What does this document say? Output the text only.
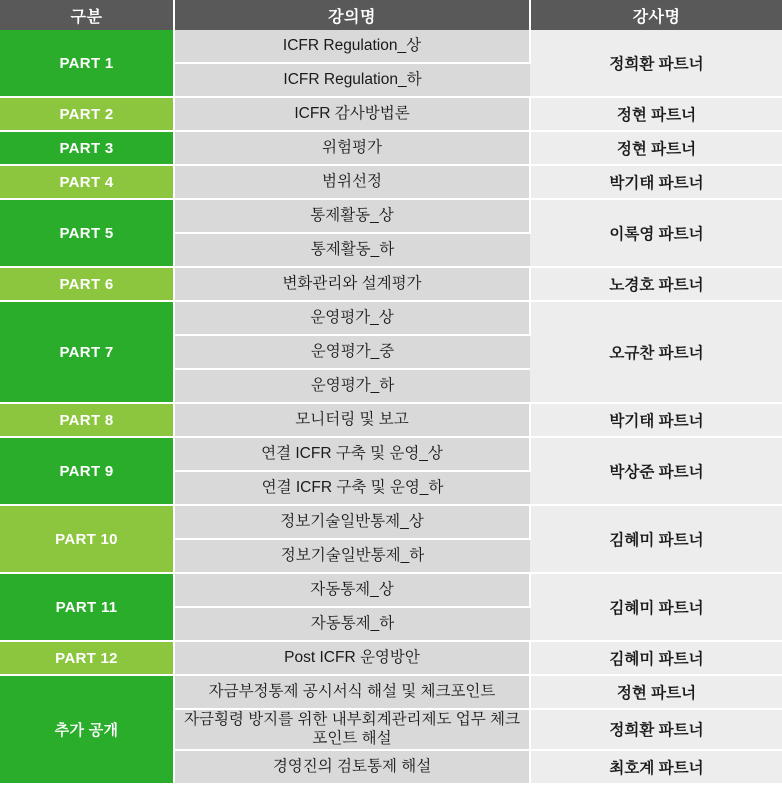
구분	강의명	강사명
PART 1	ICFR Regulation_상	정희환 파트너
	ICFR Regulation_하	
PART 2	ICFR 감사방법론	정현 파트너
PART 3	위험평가	정현 파트너
PART 4	범위선정	박기태 파트너
PART 5	통제활동_상	이록영 파트너
	통제활동_하	
PART 6	변화관리와 설계평가	노경호 파트너
PART 7	운영평가_상	오규찬 파트너
	운영평가_중	
	운영평가_하	
PART 8	모니터링 및 보고	박기태 파트너
PART 9	연결 ICFR 구축 및 운영_상	박상준 파트너
	연결 ICFR 구축 및 운영_하	
PART 10	정보기술일반통제_상	김혜미 파트너
	정보기술일반통제_하	
PART 11	자동통제_상	김혜미 파트너
	자동통제_하	
PART 12	Post ICFR 운영방안	김혜미 파트너
추가 공개	자금부정통제 공시서식 해설 및 체크포인트	정현 파트너
	자금횡령 방지를 위한 내부회계관리제도 업무 체크 포인트 해설	정희환 파트너
	경영진의 검토통제 해설	최호계 파트너
